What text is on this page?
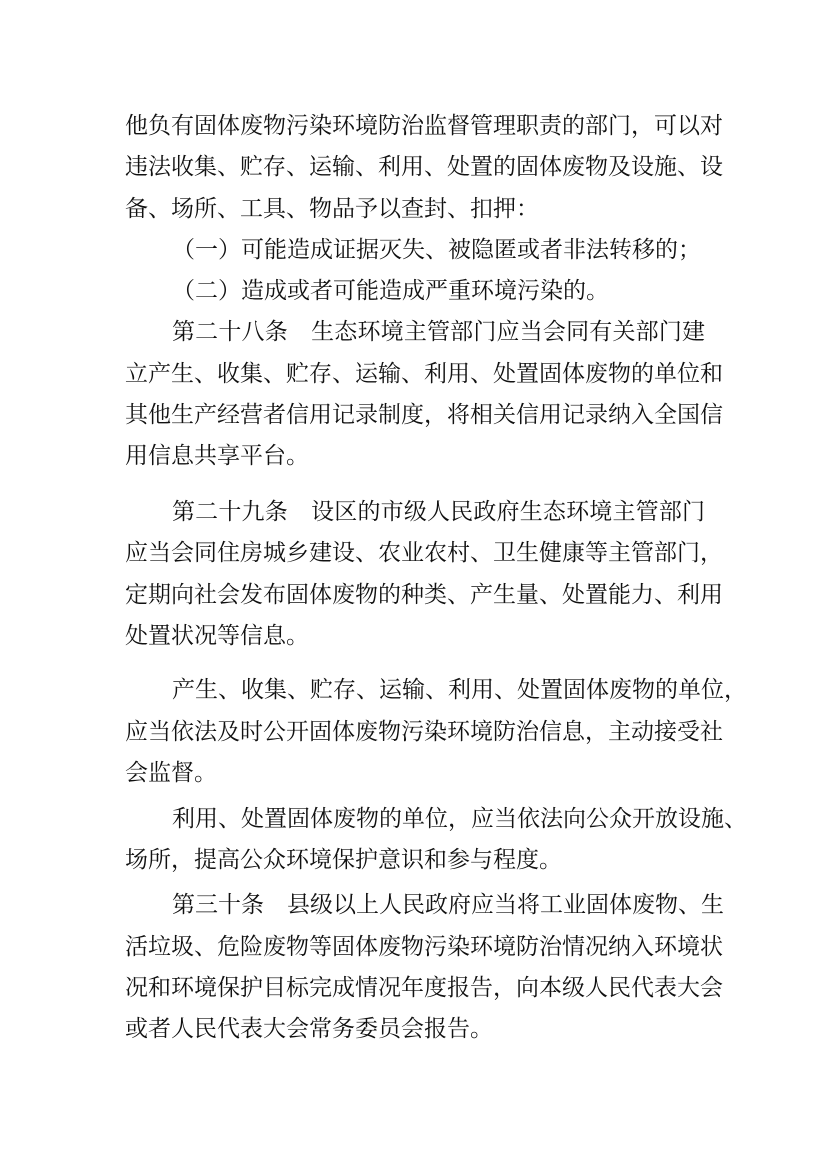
他负有固体废物污染环境防治监督管理职责的部门，可以对
违法收集、贮存、运输、利用、处置的固体废物及设施、设
备、场所、工具、物品予以查封、扣押：
（一）可能造成证据灭失、被隐匿或者非法转移的；
（二）造成或者可能造成严重环境污染的。
第二十八条　生态环境主管部门应当会同有关部门建
立产生、收集、贮存、运输、利用、处置固体废物的单位和
其他生产经营者信用记录制度，将相关信用记录纳入全国信
用信息共享平台。
第二十九条　设区的市级人民政府生态环境主管部门
应当会同住房城乡建设、农业农村、卫生健康等主管部门，
定期向社会发布固体废物的种类、产生量、处置能力、利用
处置状况等信息。
产生、收集、贮存、运输、利用、处置固体废物的单位，
应当依法及时公开固体废物污染环境防治信息，主动接受社
会监督。
利用、处置固体废物的单位，应当依法向公众开放设施、
场所，提高公众环境保护意识和参与程度。
第三十条　县级以上人民政府应当将工业固体废物、生
活垃圾、危险废物等固体废物污染环境防治情况纳入环境状
况和环境保护目标完成情况年度报告，向本级人民代表大会
或者人民代表大会常务委员会报告。
